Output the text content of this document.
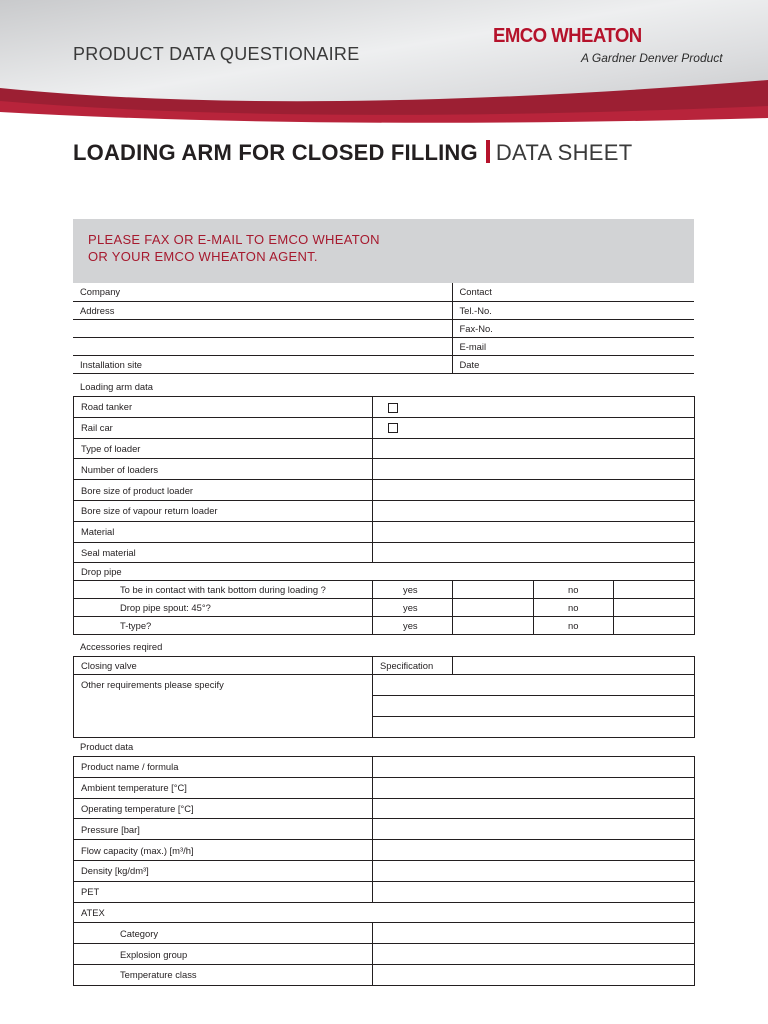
PRODUCT DATA QUESTIONAIRE
EMCO WHEATON
A Gardner Denver Product
LOADING ARM FOR CLOSED FILLING DATA SHEET
PLEASE FAX OR E-MAIL TO EMCO WHEATON
OR YOUR EMCO WHEATON AGENT.
Company	Contact
Address	Tel.-No.
	Fax-No.
	E-mail
Installation site	Date
Loading arm data
Road tanker	
Rail car	
Type of loader	
Number of loaders	
Bore size of product loader	
Bore size of vapour return loader	
Material	
Seal material	
Drop pipe				
To be in contact with tank bottom during loading ?	yes		no	
Drop pipe spout: 45°?	yes		no	
T-type?	yes		no	
Accessories reqired
Closing valve	Specification	
Other requirements please specify		

Product data
Product name / formula	
Ambient temperature [°C]	
Operating temperature [°C]	
Pressure [bar]	
Flow capacity (max.) [m³/h]	
Density [kg/dm³]	
PET	
ATEX	
Category	
Explosion group	
Temperature class	
